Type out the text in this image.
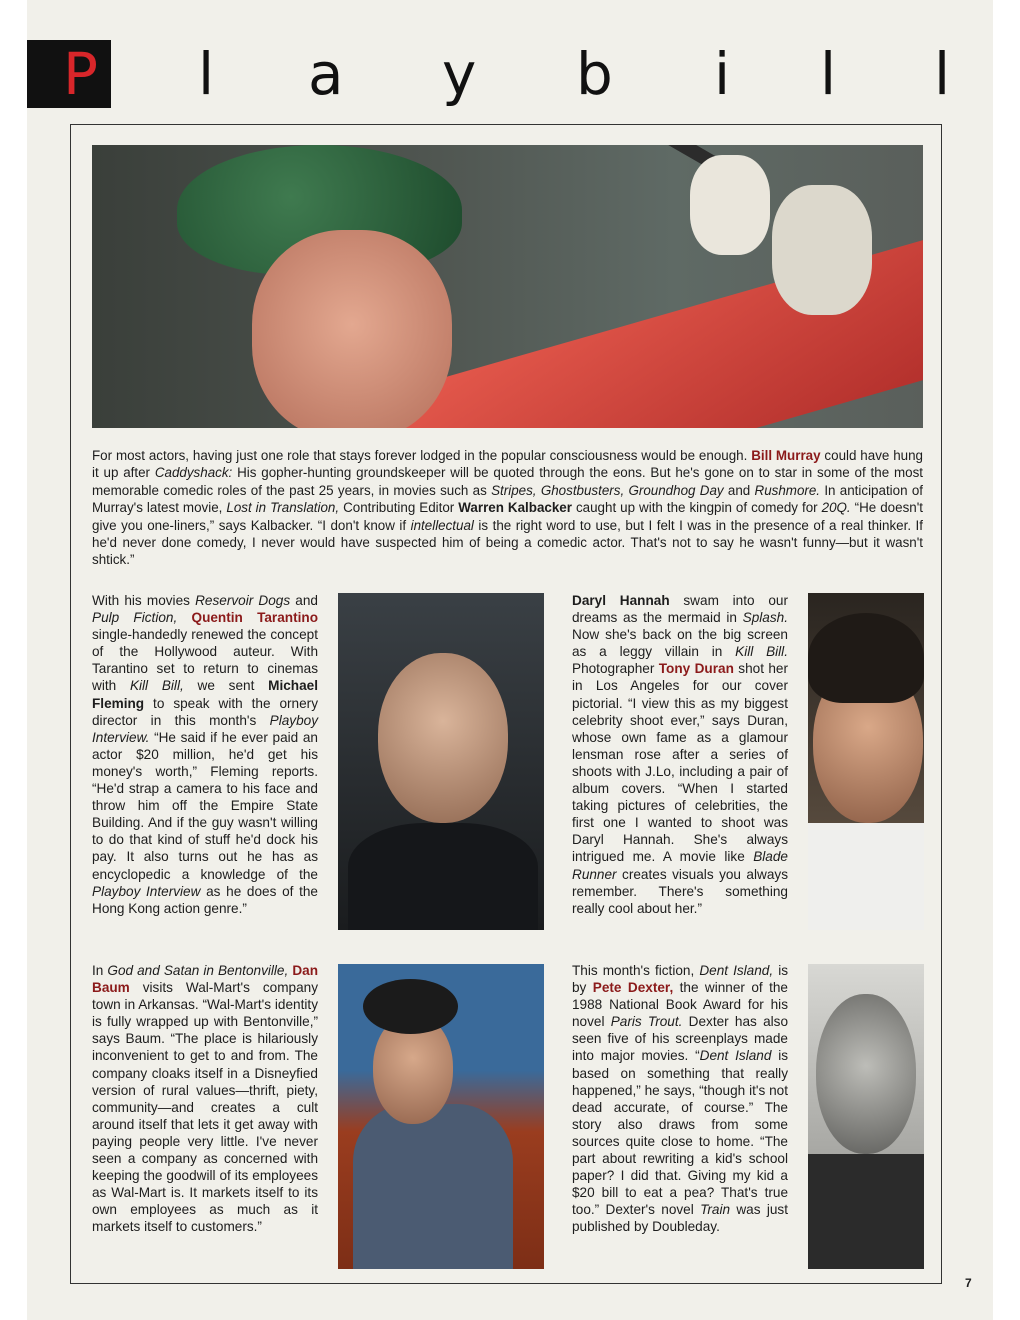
P l a y b i l l
For most actors, having just one role that stays forever lodged in the popular consciousness would be enough. Bill Murray could have hung it up after Caddyshack: His gopher-hunting groundskeeper will be quoted through the eons. But he's gone on to star in some of the most memorable comedic roles of the past 25 years, in movies such as Stripes, Ghostbusters, Groundhog Day and Rushmore. In anticipation of Murray's latest movie, Lost in Translation, Contributing Editor Warren Kalbacker caught up with the kingpin of comedy for 20Q. “He doesn't give you one-liners,” says Kalbacker. “I don't know if intellectual is the right word to use, but I felt I was in the presence of a real thinker. If he'd never done comedy, I never would have suspected him of being a comedic actor. That's not to say he wasn't funny—but it wasn't shtick.”
With his movies Reservoir Dogs and Pulp Fiction, Quentin Tarantino single-handedly renewed the concept of the Hollywood auteur. With Tarantino set to return to cinemas with Kill Bill, we sent Michael Fleming to speak with the ornery director in this month's Playboy Interview. “He said if he ever paid an actor $20 million, he'd get his money's worth,” Fleming reports. “He'd strap a camera to his face and throw him off the Empire State Building. And if the guy wasn't willing to do that kind of stuff he'd dock his pay. It also turns out he has as encyclopedic a knowledge of the Playboy Interview as he does of the Hong Kong action genre.”
Daryl Hannah swam into our dreams as the mermaid in Splash. Now she's back on the big screen as a leggy villain in Kill Bill. Photographer Tony Duran shot her in Los Angeles for our cover pictorial. “I view this as my biggest celebrity shoot ever,” says Duran, whose own fame as a glamour lensman rose after a series of shoots with J.Lo, including a pair of album covers. “When I started taking pictures of celebrities, the first one I wanted to shoot was Daryl Hannah. She's always intrigued me. A movie like Blade Runner creates visuals you always remember. There's something really cool about her.”
In God and Satan in Bentonville, Dan Baum visits Wal-Mart's company town in Arkansas. “Wal-Mart's identity is fully wrapped up with Bentonville,” says Baum. “The place is hilariously inconvenient to get to and from. The company cloaks itself in a Disneyfied version of rural values—thrift, piety, community—and creates a cult around itself that lets it get away with paying people very little. I've never seen a company as concerned with keeping the goodwill of its employees as Wal-Mart is. It markets itself to its own employees as much as it markets itself to customers.”
This month's fiction, Dent Island, is by Pete Dexter, the winner of the 1988 National Book Award for his novel Paris Trout. Dexter has also seen five of his screenplays made into major movies. “Dent Island is based on something that really happened,” he says, “though it's not dead accurate, of course.” The story also draws from some sources quite close to home. “The part about rewriting a kid's school paper? I did that. Giving my kid a $20 bill to eat a pea? That's true too.” Dexter's novel Train was just published by Doubleday.
7
